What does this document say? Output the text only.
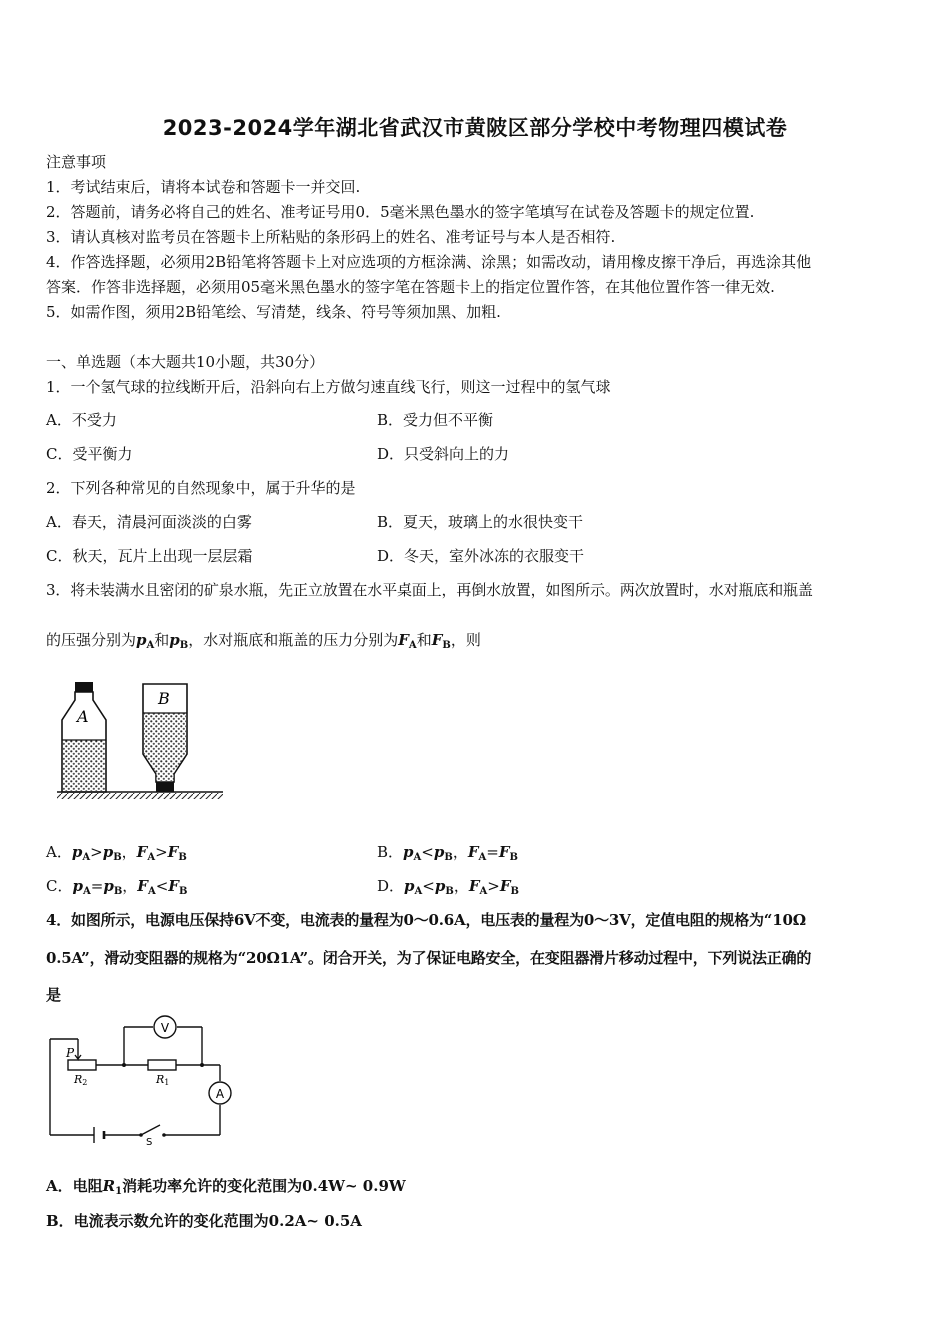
2023-2024学年湖北省武汉市黄陂区部分学校中考物理四模试卷
注意事项
1．考试结束后，请将本试卷和答题卡一并交回.
2．答题前，请务必将自己的姓名、准考证号用0．5毫米黑色墨水的签字笔填写在试卷及答题卡的规定位置.
3．请认真核对监考员在答题卡上所粘贴的条形码上的姓名、准考证号与本人是否相符.
4．作答选择题，必须用2B铅笔将答题卡上对应选项的方框涂满、涂黑；如需改动，请用橡皮擦干净后，再选涂其他
答案．作答非选择题，必须用05毫米黑色墨水的签字笔在答题卡上的指定位置作答，在其他位置作答一律无效.
5．如需作图，须用2B铅笔绘、写清楚，线条、符号等须加黑、加粗.
一、单选题（本大题共10小题，共30分）
1．一个氢气球的拉线断开后，沿斜向右上方做匀速直线飞行，则这一过程中的氢气球
A．不受力	B．受力但不平衡
C．受平衡力	D．只受斜向上的力
2．下列各种常见的自然现象中，属于升华的是
A．春天，清晨河面淡淡的白雾	B．夏天，玻璃上的水很快变干
C．秋天，瓦片上出现一层层霜	D．冬天，室外冰冻的衣服变干
3．将未装满水且密闭的矿泉水瓶，先正立放置在水平桌面上，再倒水放置，如图所示。两次放置时，水对瓶底和瓶盖
的压强分别为$p_A$和$p_B$，水对瓶底和瓶盖的压力分别为$F_A$和$F_B$，则
A
B
A．$p_A>p_B$，$F_A>F_B$	B．$p_A<p_B$，$F_A=F_B$
C．$p_A=p_B$，$F_A<F_B$	D．$p_A<p_B$，$F_A>F_B$
4．如图所示，电源电压保持6V不变，电流表的量程为0～0.6A，电压表的量程为0～3V，定值电阻的规格为“10Ω
0.5A”，滑动变阻器的规格为“20Ω1A”。闭合开关，为了保证电路安全，在变阻器滑片移动过程中，下列说法正确的
是
V
A
P
R2	R1
S
A．电阻$R_1$消耗功率允许的变化范围为0.4W~ 0.9W
B．电流表示数允许的变化范围为0.2A~ 0.5A
